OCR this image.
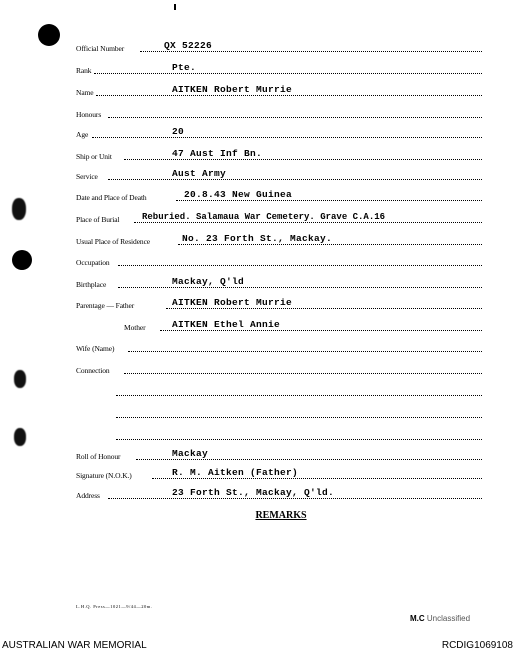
Official Number	QX 52226
Rank	Pte.
Name	AITKEN Robert Murrie
Honours
Age	20
Ship or Unit	47 Aust Inf Bn.
Service	Aust Army
Date and Place of Death	20.8.43 New Guinea
Place of Burial	Reburied. Salamaua War Cemetery. Grave C.A.16
Usual Place of Residence	No. 23 Forth St., Mackay.
Occupation
Birthplace	Mackay, Q'ld
Parentage — Father	AITKEN Robert Murrie
Mother	AITKEN Ethel Annie
Wife (Name)
Connection
Roll of Honour	Mackay
Signature (N.O.K.)	R. M. Aitken (Father)
Address	23 Forth St., Mackay, Q'ld.
REMARKS
L.H.Q. Press—1021—9/44—20m.
M.C Unclassified
AUSTRALIAN WAR MEMORIAL	RCDIG1069108
